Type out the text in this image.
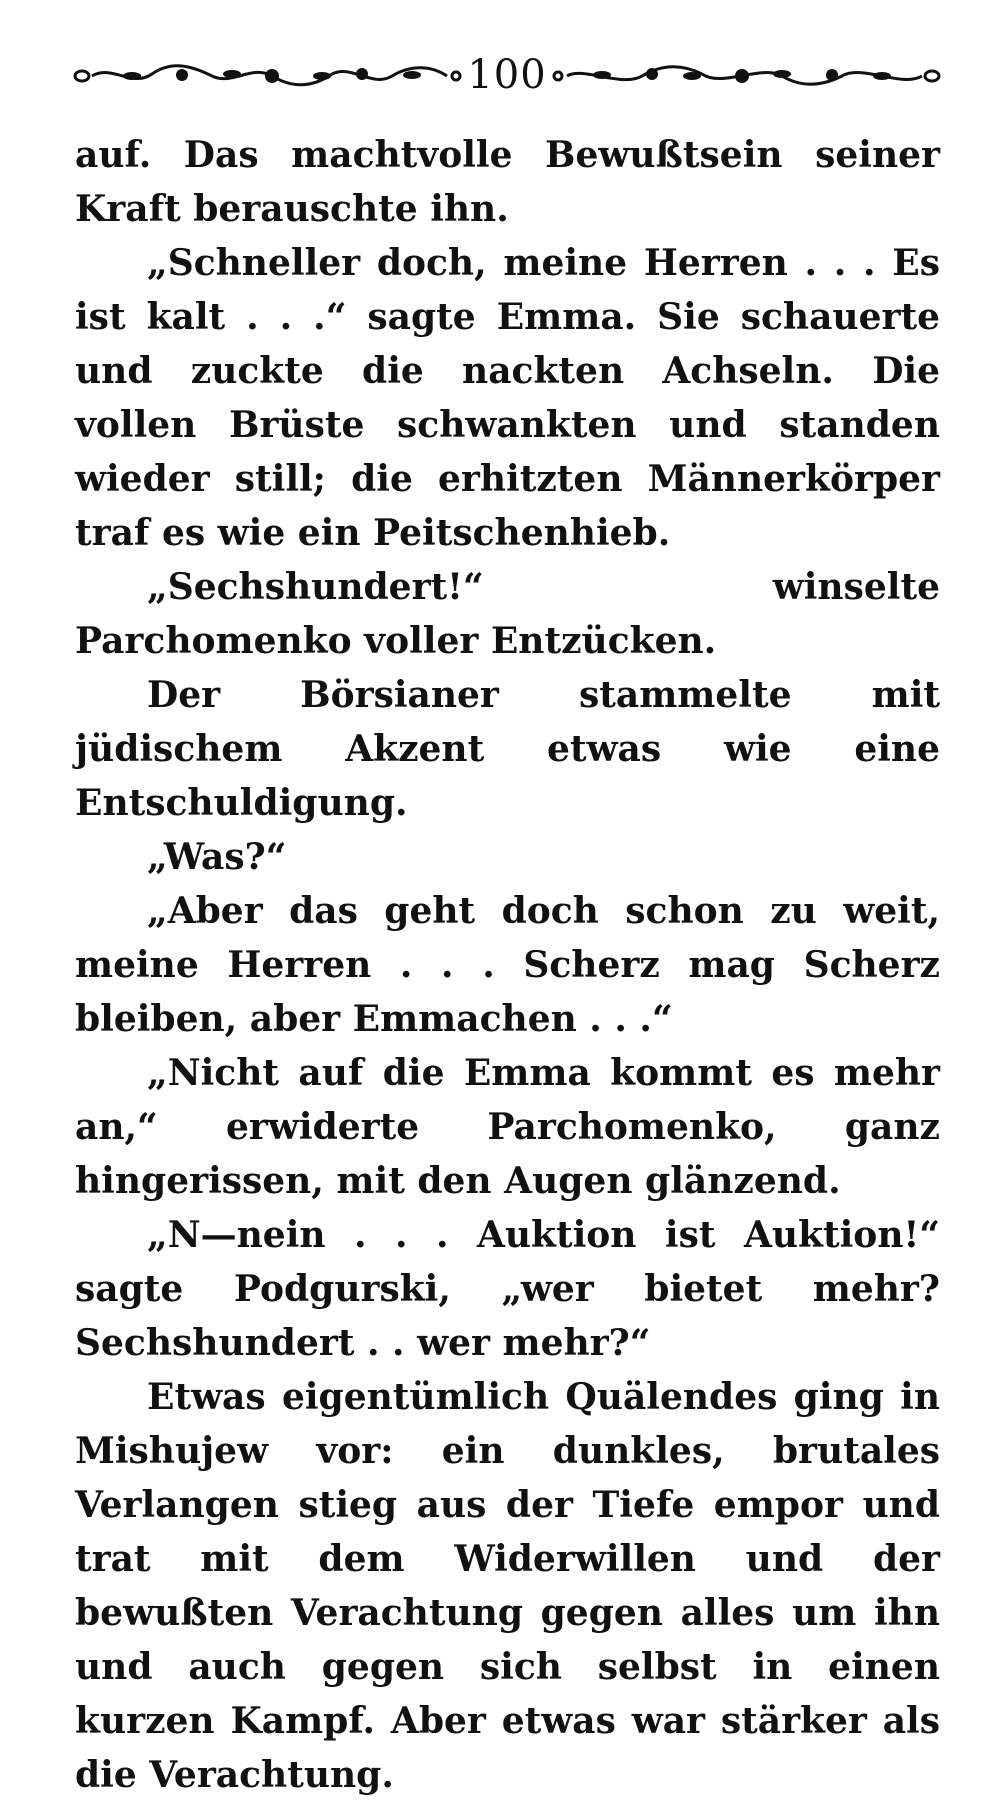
100

auf. Das machtvolle Bewußtsein seiner Kraft berauschte ihn.

„Schneller doch, meine Herren . . . Es ist kalt . . .“ sagte Emma. Sie schauerte und zuckte die nackten Achseln. Die vollen Brüste schwankten und standen wieder still; die erhitzten Männerkörper traf es wie ein Peitschenhieb.

„Sechshundert!“ winselte Parchomenko voller Entzücken.

Der Börsianer stammelte mit jüdischem Akzent etwas wie eine Entschuldigung.

„Was?“

„Aber das geht doch schon zu weit, meine Herren . . . Scherz mag Scherz bleiben, aber Emmachen . . .“

„Nicht auf die Emma kommt es mehr an,“ erwiderte Parchomenko, ganz hingerissen, mit den Augen glänzend.

„N—nein . . . Auktion ist Auktion!“ sagte Podgurski, „wer bietet mehr? Sechshundert . . wer mehr?“

Etwas eigentümlich Quälendes ging in Mishujew vor: ein dunkles, brutales Verlangen stieg aus der Tiefe empor und trat mit dem Widerwillen und der bewußten Verachtung gegen alles um ihn und auch gegen sich selbst in einen kurzen Kampf. Aber etwas war stärker als die Verachtung.
